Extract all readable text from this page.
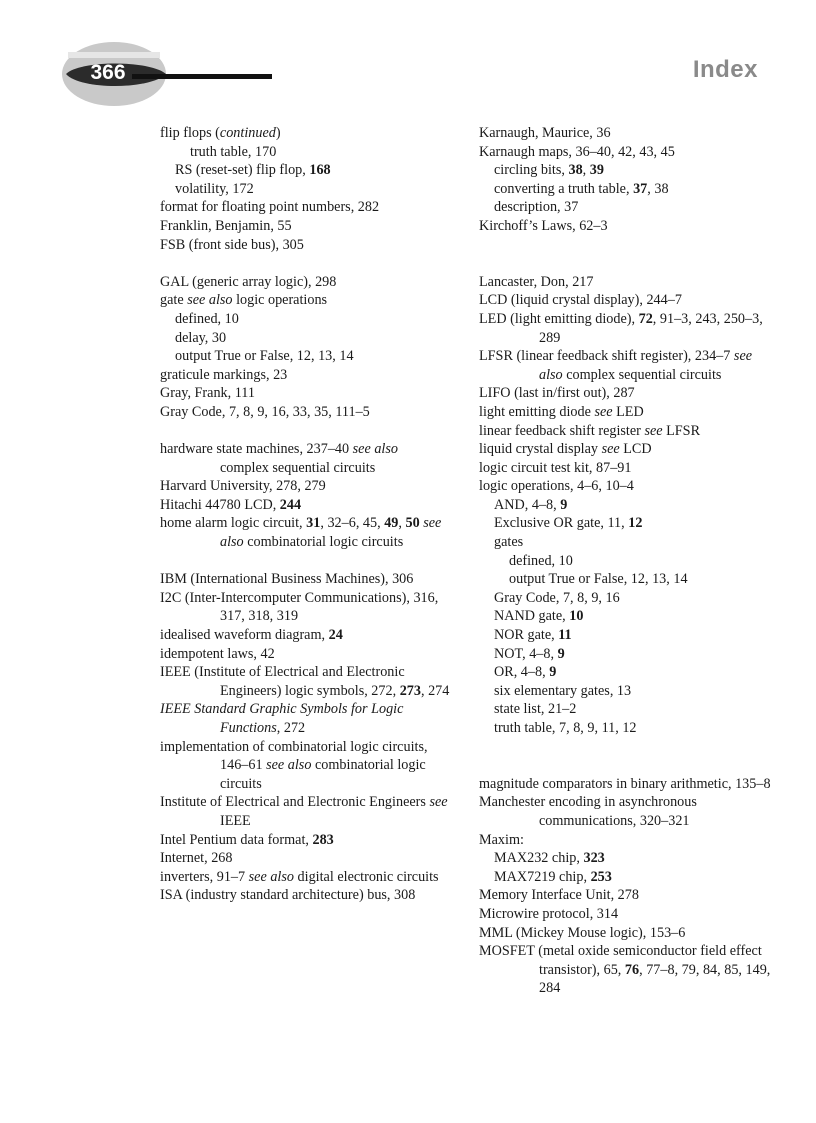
366	Index
flip flops (continued)
truth table, 170
RS (reset-set) flip flop, 168
volatility, 172
format for floating point numbers, 282
Franklin, Benjamin, 55
FSB (front side bus), 305
GAL (generic array logic), 298
gate see also logic operations
defined, 10
delay, 30
output True or False, 12, 13, 14
graticule markings, 23
Gray, Frank, 111
Gray Code, 7, 8, 9, 16, 33, 35, 111–5
hardware state machines, 237–40 see also complex sequential circuits
Harvard University, 278, 279
Hitachi 44780 LCD, 244
home alarm logic circuit, 31, 32–6, 45, 49, 50 see also combinatorial logic circuits
IBM (International Business Machines), 306
I2C (Inter-Intercomputer Communications), 316, 317, 318, 319
idealised waveform diagram, 24
idempotent laws, 42
IEEE (Institute of Electrical and Electronic Engineers) logic symbols, 272, 273, 274
IEEE Standard Graphic Symbols for Logic Functions, 272
implementation of combinatorial logic circuits, 146–61 see also combinatorial logic circuits
Institute of Electrical and Electronic Engineers see IEEE
Intel Pentium data format, 283
Internet, 268
inverters, 91–7 see also digital electronic circuits
ISA (industry standard architecture) bus, 308
Karnaugh, Maurice, 36
Karnaugh maps, 36–40, 42, 43, 45
circling bits, 38, 39
converting a truth table, 37, 38
description, 37
Kirchoff’s Laws, 62–3
Lancaster, Don, 217
LCD (liquid crystal display), 244–7
LED (light emitting diode), 72, 91–3, 243, 250–3, 289
LFSR (linear feedback shift register), 234–7 see also complex sequential circuits
LIFO (last in/first out), 287
light emitting diode see LED
linear feedback shift register see LFSR
liquid crystal display see LCD
logic circuit test kit, 87–91
logic operations, 4–6, 10–4
AND, 4–8, 9
Exclusive OR gate, 11, 12
gates
defined, 10
output True or False, 12, 13, 14
Gray Code, 7, 8, 9, 16
NAND gate, 10
NOR gate, 11
NOT, 4–8, 9
OR, 4–8, 9
six elementary gates, 13
state list, 21–2
truth table, 7, 8, 9, 11, 12
magnitude comparators in binary arithmetic, 135–8
Manchester encoding in asynchronous communications, 320–321
Maxim:
MAX232 chip, 323
MAX7219 chip, 253
Memory Interface Unit, 278
Microwire protocol, 314
MML (Mickey Mouse logic), 153–6
MOSFET (metal oxide semiconductor field effect transistor), 65, 76, 77–8, 79, 84, 85, 149, 284
